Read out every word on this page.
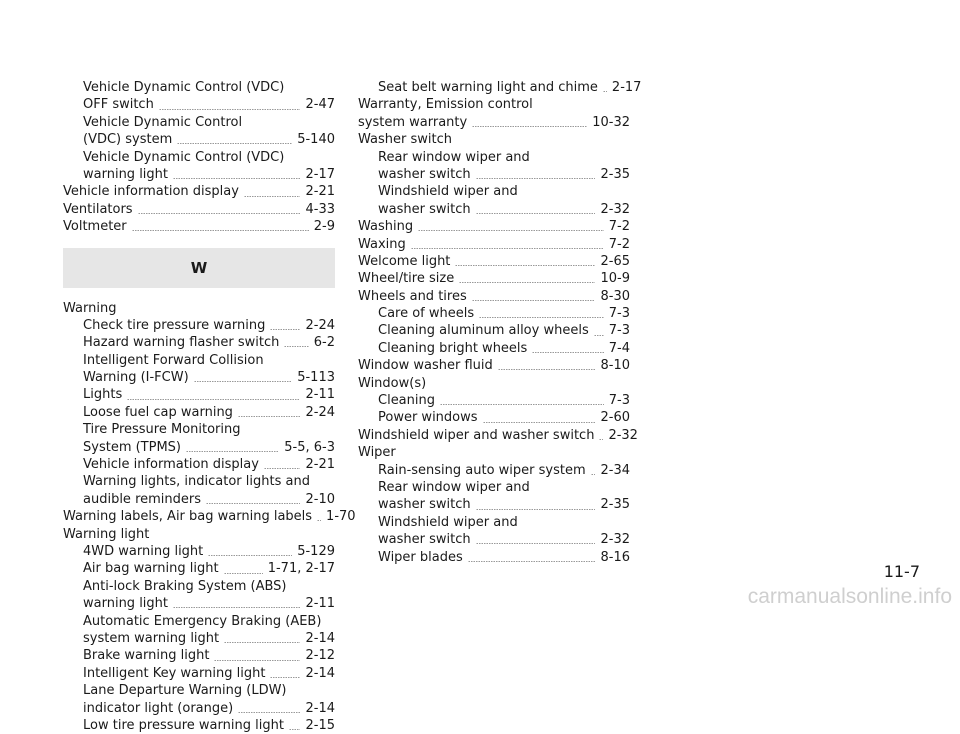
Vehicle Dynamic Control (VDC)
OFF switch	2-47
Vehicle Dynamic Control
(VDC) system	5-140
Vehicle Dynamic Control (VDC)
warning light	2-17
Vehicle information display	2-21
Ventilators	4-33
Voltmeter	2-9
W
Warning
Check tire pressure warning	2-24
Hazard warning flasher switch	6-2
Intelligent Forward Collision
Warning (I-FCW)	5-113
Lights	2-11
Loose fuel cap warning	2-24
Tire Pressure Monitoring
System (TPMS)	5-5, 6-3
Vehicle information display	2-21
Warning lights, indicator lights and
audible reminders	2-10
Warning labels, Air bag warning labels 1-70
Warning light
4WD warning light	5-129
Air bag warning light	1-71, 2-17
Anti-lock Braking System (ABS)
warning light	2-11
Automatic Emergency Braking (AEB)
system warning light	2-14
Brake warning light	2-12
Intelligent Key warning light	2-14
Lane Departure Warning (LDW)
indicator light (orange)	2-14
Low tire pressure warning light 2-15
Seat belt warning light and chime 2-17
Warranty, Emission control
system warranty	10-32
Washer switch
Rear window wiper and
washer switch	2-35
Windshield wiper and
washer switch	2-32
Washing	7-2
Waxing	7-2
Welcome light	2-65
Wheel/tire size	10-9
Wheels and tires	8-30
Care of wheels	7-3
Cleaning aluminum alloy wheels 7-3
Cleaning bright wheels	7-4
Window washer fluid	8-10
Window(s)
Cleaning	7-3
Power windows	2-60
Windshield wiper and washer switch 2-32
Wiper
Rain-sensing auto wiper system 2-34
Rear window wiper and
washer switch	2-35
Windshield wiper and
washer switch	2-32
Wiper blades	8-16
11-7
carmanualsonline.info
